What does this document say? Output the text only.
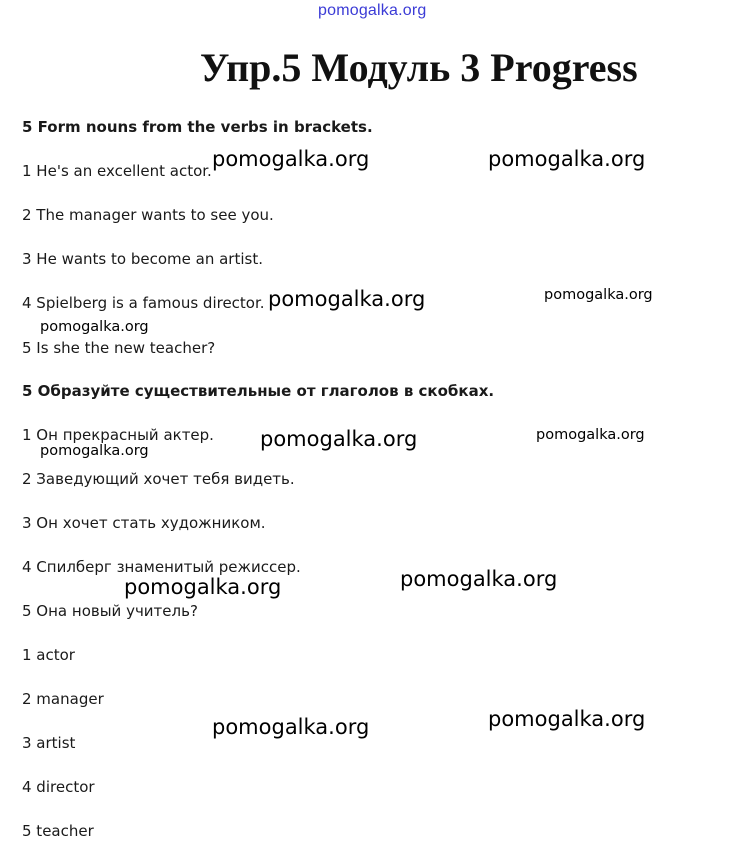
pomogalka.org
Упр.5 Модуль 3 Progress
5 Form nouns from the verbs in brackets.
1 He's an excellent actor.
2 The manager wants to see you.
3 He wants to become an artist.
4 Spielberg is a famous director.
5 Is she the new teacher?
5 Образуйте существительные от глаголов в скобках.
1 Он прекрасный актер.
2 Заведующий хочет тебя видеть.
3 Он хочет стать художником.
4 Спилберг знаменитый режиссер.
5 Она новый учитель?
1 actor
2 manager
3 artist
4 director
5 teacher
pomogalka.org	pomogalka.org
pomogalka.org	pomogalka.org
pomogalka.org
pomogalka.org	pomogalka.org
pomogalka.org
pomogalka.org
pomogalka.org
pomogalka.org
pomogalka.org
